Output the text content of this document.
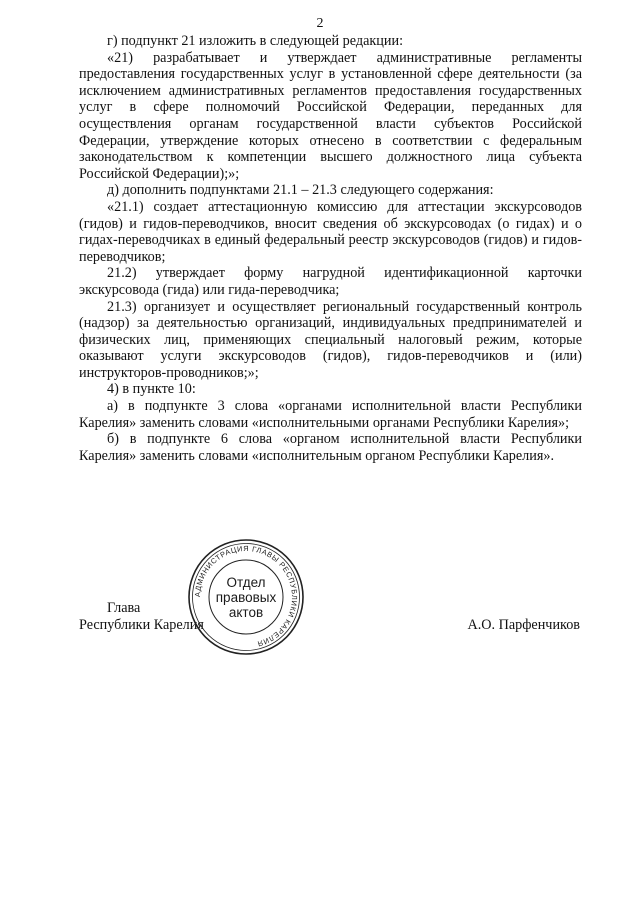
2

г) подпункт 21 изложить в следующей редакции:

«21) разрабатывает и утверждает административные регламенты предоставления государственных услуг в установленной сфере деятельности (за исключением административных регламентов предоставления государственных услуг в сфере полномочий Российской Федерации, переданных для осуществления органам государственной власти субъектов Российской Федерации, утверждение которых отнесено в соответствии с федеральным законодательством к компетенции высшего должностного лица субъекта Российской Федерации);»;

д) дополнить подпунктами 21.1 – 21.3 следующего содержания:

«21.1) создает аттестационную комиссию для аттестации экскурсоводов (гидов) и гидов-переводчиков, вносит сведения об экскурсоводах (о гидах) и о гидах-переводчиках в единый федеральный реестр экскурсоводов (гидов) и гидов-переводчиков;

21.2) утверждает форму нагрудной идентификационной карточки экскурсовода (гида) или гида-переводчика;

21.3) организует и осуществляет региональный государственный контроль (надзор) за деятельностью организаций, индивидуальных предпринимателей и физических лиц, применяющих специальный налоговый режим, которые оказывают услуги экскурсоводов (гидов), гидов-переводчиков и (или) инструкторов-проводников;»;

4) в пункте 10:

а) в подпункте 3 слова «органами исполнительной власти Республики Карелия» заменить словами «исполнительными органами Республики Карелия»;

б) в подпункте 6 слова «органом исполнительной власти Республики Карелия» заменить словами «исполнительным органом Республики Карелия».

Глава
Республики Карелия	А.О. Парфенчиков
АДМИНИСТРАЦИЯ ГЛАВЫ РЕСПУБЛИКИ КАРЕЛИЯ
Отдел
правовых
актов
